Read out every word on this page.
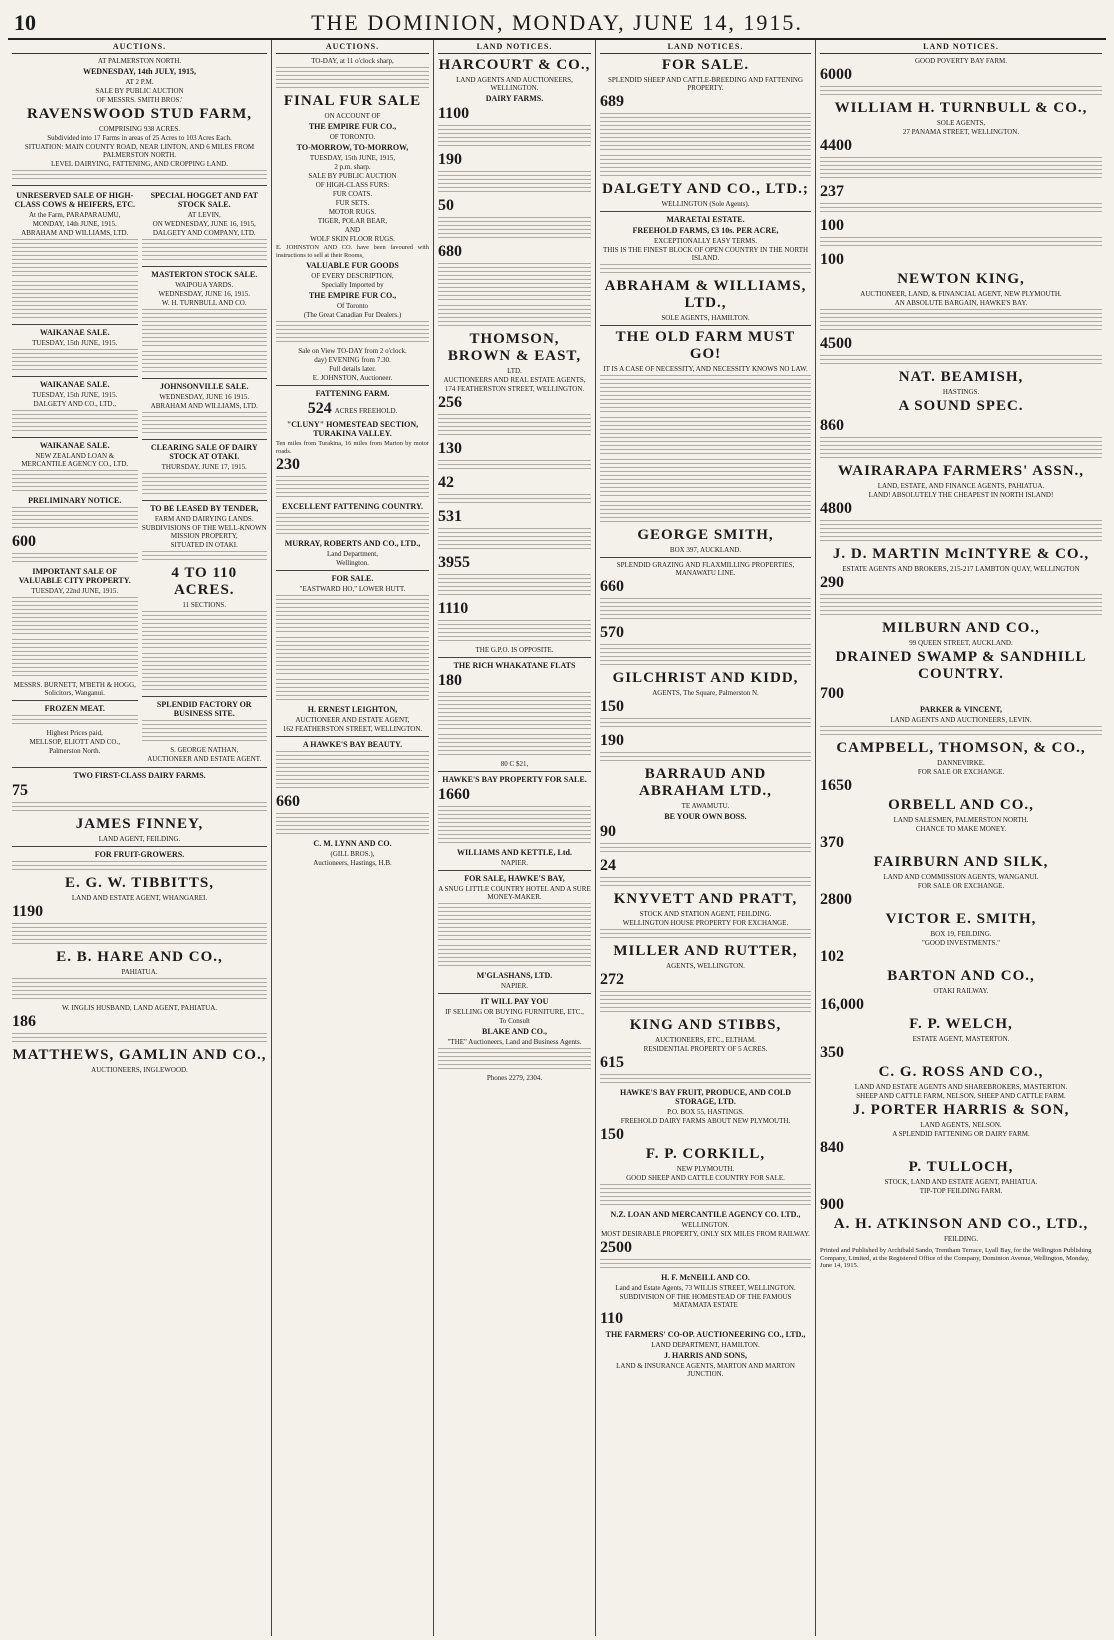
10	THE DOMINION, MONDAY, JUNE 14, 1915.
AUCTIONS.
AT PALMERSTON NORTH.
WEDNESDAY, 14th JULY, 1915,
AT 2 P.M.
SALE BY PUBLIC AUCTION
OF MESSRS. SMITH BROS.'
RAVENSWOOD STUD FARM,
COMPRISING 938 ACRES.
Subdivided into 17 Farms in areas of 25 Acres to 103 Acres Each.
SITUATION: MAIN COUNTY ROAD, NEAR LINTON, AND 6 MILES FROM PALMERSTON NORTH.
LEVEL DAIRYING, FATTENING, AND CROPPING LAND.
UNRESERVED SALE OF HIGH-CLASS COWS & HEIFERS, ETC.
At the Farm, PARAPARAUMU,
MONDAY, 14th JUNE, 1915.
ABRAHAM AND WILLIAMS, LTD.
WAIKANAE SALE.
TUESDAY, 15th JUNE, 1915.
WAIKANAE SALE.
TUESDAY, 15th JUNE, 1915.
DALGETY AND CO., LTD.,
WAIKANAE SALE.
NEW ZEALAND LOAN & MERCANTILE AGENCY CO., LTD.
PRELIMINARY NOTICE.
600
IMPORTANT SALE OF VALUABLE CITY PROPERTY.
TUESDAY, 22nd JUNE, 1915.
MESSRS. BURNETT, M'BETH & HOGG, Solicitors, Wanganui.
FROZEN MEAT.
Highest Prices paid,
MELLSOP, ELIOTT AND CO.,
Palmerston North.
SPECIAL HOGGET AND FAT STOCK SALE.
AT LEVIN,
ON WEDNESDAY, JUNE 16, 1915,
DALGETY AND COMPANY, LTD.
MASTERTON STOCK SALE.
WAIPOUA YARDS.
WEDNESDAY, JUNE 16, 1915.
W. H. TURNBULL AND CO.
JOHNSONVILLE SALE.
WEDNESDAY, JUNE 16 1915.
ABRAHAM AND WILLIAMS, LTD.
CLEARING SALE OF DAIRY STOCK AT OTAKI.
THURSDAY, JUNE 17, 1915.
TO BE LEASED BY TENDER,
FARM AND DAIRYING LANDS.
SUBDIVISIONS OF THE WELL-KNOWN MISSION PROPERTY,
SITUATED IN OTAKI.
4 TO 110 ACRES.
11 SECTIONS.
SPLENDID FACTORY OR BUSINESS SITE.
S. GEORGE NATHAN,
AUCTIONEER AND ESTATE AGENT.
TWO FIRST-CLASS DAIRY FARMS.
75
JAMES FINNEY,
LAND AGENT, FEILDING.
FOR FRUIT-GROWERS.
E. G. W. TIBBITTS,
LAND AND ESTATE AGENT, WHANGAREI.
1190
E. B. HARE AND CO.,
PAHIATUA.
W. INGLIS HUSBAND, LAND AGENT, PAHIATUA.
186
MATTHEWS, GAMLIN AND CO.,
AUCTIONEERS, INGLEWOOD.
AUCTIONS.
TO-DAY, at 11 o'clock sharp,
FINAL FUR SALE
ON ACCOUNT OF
THE EMPIRE FUR CO.,
OF TORONTO.
TO-MORROW, TO-MORROW,
TUESDAY, 15th JUNE, 1915,
2 p.m. sharp.
SALE BY PUBLIC AUCTION
OF HIGH-CLASS FURS:
FUR COATS.
FUR SETS.
MOTOR RUGS.
TIGER, POLAR BEAR,
AND
WOLF SKIN FLOOR RUGS.
E. JOHNSTON AND CO. have been favoured with instructions to sell at their Rooms,
VALUABLE FUR GOODS
OF EVERY DESCRIPTION,
Specially Imported by
THE EMPIRE FUR CO.,
Of Toronto
(The Great Canadian Fur Dealers.)
Sale on View TO-DAY from 2 o'clock.
day) EVENING from 7.30.
Full details later.
E. JOHNSTON, Auctioneer.
FATTENING FARM.
524 ACRES FREEHOLD.
"CLUNY" HOMESTEAD SECTION, TURAKINA VALLEY.
Ten miles from Turakina, 16 miles from Marton by motor roads.
230
EXCELLENT FATTENING COUNTRY.
MURRAY, ROBERTS AND CO., LTD.,
Land Department,
Wellington.
FOR SALE.
"EASTWARD HO," LOWER HUTT.
H. ERNEST LEIGHTON,
AUCTIONEER AND ESTATE AGENT,
162 FEATHERSTON STREET, WELLINGTON.
A HAWKE'S BAY BEAUTY.
660
C. M. LYNN AND CO.
(GILL BROS.),
Auctioneers, Hastings, H.B.
LAND NOTICES.
HARCOURT & CO.,
LAND AGENTS AND AUCTIONEERS, WELLINGTON.
DAIRY FARMS.
1100
190
50
680
THOMSON, BROWN & EAST,
LTD.
AUCTIONEERS AND REAL ESTATE AGENTS,
174 FEATHERSTON STREET, WELLINGTON.
256
130
42
531
3955
1110
THE G.P.O. IS OPPOSITE.
THE RICH WHAKATANE FLATS
180
80 C $21,
HAWKE'S BAY PROPERTY FOR SALE.
1660
WILLIAMS AND KETTLE, Ltd.
NAPIER.
FOR SALE, HAWKE'S BAY,
A SNUG LITTLE COUNTRY HOTEL AND A SURE MONEY-MAKER.
M'GLASHANS, LTD.
NAPIER.
IT WILL PAY YOU
IF SELLING OR BUYING FURNITURE, ETC.,
To Consult
BLAKE AND CO.,
"THE" Auctioneers, Land and Business Agents.
Phones 2279, 2304.
LAND NOTICES.
FOR SALE.
SPLENDID SHEEP AND CATTLE-BREEDING AND FATTENING PROPERTY.
689
DALGETY AND CO., LTD.;
WELLINGTON (Sole Agents).
MARAETAI ESTATE.
FREEHOLD FARMS, £3 10s. PER ACRE,
EXCEPTIONALLY EASY TERMS.
THIS IS THE FINEST BLOCK OF OPEN COUNTRY IN THE NORTH ISLAND.
ABRAHAM & WILLIAMS, LTD.,
SOLE AGENTS, HAMILTON.
THE OLD FARM MUST GO!
IT IS A CASE OF NECESSITY, AND NECESSITY KNOWS NO LAW.
GEORGE SMITH,
BOX 397, AUCKLAND.
SPLENDID GRAZING AND FLAXMILLING PROPERTIES, MANAWATU LINE.
660
570
GILCHRIST AND KIDD,
AGENTS, The Square, Palmerston N.
150
190
BARRAUD AND ABRAHAM LTD.,
TE AWAMUTU.
BE YOUR OWN BOSS.
90
24
KNYVETT AND PRATT,
STOCK AND STATION AGENT, FEILDING.
WELLINGTON HOUSE PROPERTY FOR EXCHANGE.
MILLER AND RUTTER,
AGENTS, WELLINGTON.
272
KING AND STIBBS,
AUCTIONEERS, ETC., ELTHAM.
RESIDENTIAL PROPERTY OF 5 ACRES.
615
HAWKE'S BAY FRUIT, PRODUCE, AND COLD STORAGE, LTD.
P.O. BOX 55, HASTINGS.
FREEHOLD DAIRY FARMS ABOUT NEW PLYMOUTH.
150
F. P. CORKILL,
NEW PLYMOUTH.
GOOD SHEEP AND CATTLE COUNTRY FOR SALE.
N.Z. LOAN AND MERCANTILE AGENCY CO. LTD.,
WELLINGTON.
MOST DESIRABLE PROPERTY, ONLY SIX MILES FROM RAILWAY.
2500
H. F. McNEILL AND CO.
Land and Estate Agents, 73 WILLIS STREET, WELLINGTON.
SUBDIVISION OF THE HOMESTEAD OF THE FAMOUS MATAMATA ESTATE
110
THE FARMERS' CO-OP. AUCTIONEERING CO., LTD.,
LAND DEPARTMENT, HAMILTON.
J. HARRIS AND SONS,
LAND & INSURANCE AGENTS, MARTON AND MARTON JUNCTION.
LAND NOTICES.
GOOD POVERTY BAY FARM.
6000
WILLIAM H. TURNBULL & CO.,
SOLE AGENTS,
27 PANAMA STREET, WELLINGTON.
4400
237
100
100
NEWTON KING,
AUCTIONEER, LAND, & FINANCIAL AGENT, NEW PLYMOUTH.
AN ABSOLUTE BARGAIN, HAWKE'S BAY.
4500
NAT. BEAMISH,
HASTINGS.
A SOUND SPEC.
860
WAIRARAPA FARMERS' ASSN.,
LAND, ESTATE, AND FINANCE AGENTS, PAHIATUA.
LAND! ABSOLUTELY THE CHEAPEST IN NORTH ISLAND!
4800
J. D. MARTIN McINTYRE & CO.,
ESTATE AGENTS AND BROKERS, 215-217 LAMBTON QUAY, WELLINGTON
290
MILBURN AND CO.,
99 QUEEN STREET, AUCKLAND.
DRAINED SWAMP & SANDHILL COUNTRY.
700
PARKER & VINCENT,
LAND AGENTS AND AUCTIONEERS, LEVIN.
CAMPBELL, THOMSON, & CO.,
DANNEVIRKE.
FOR SALE OR EXCHANGE.
1650
ORBELL AND CO.,
LAND SALESMEN, PALMERSTON NORTH.
CHANCE TO MAKE MONEY.
370
FAIRBURN AND SILK,
LAND AND COMMISSION AGENTS, WANGANUI.
FOR SALE OR EXCHANGE.
2800
VICTOR E. SMITH,
BOX 19, FEILDING.
"GOOD INVESTMENTS."
102
BARTON AND CO.,
OTAKI RAILWAY.
16,000
F. P. WELCH,
ESTATE AGENT, MASTERTON.
350
C. G. ROSS AND CO.,
LAND AND ESTATE AGENTS AND SHAREBROKERS, MASTERTON.
SHEEP AND CATTLE FARM, NELSON, SHEEP AND CATTLE FARM.
J. PORTER HARRIS & SON,
LAND AGENTS, NELSON.
A SPLENDID FATTENING OR DAIRY FARM.
840
P. TULLOCH,
STOCK, LAND AND ESTATE AGENT, PAHIATUA.
TIP-TOP FEILDING FARM.
900
A. H. ATKINSON AND CO., LTD.,
FEILDING.
Printed and Published by Archibald Sando, Trentham Terrace, Lyall Bay, for the Wellington Publishing Company, Limited, at the Registered Office of the Company, Dominion Avenue, Wellington, Monday, June 14, 1915.
